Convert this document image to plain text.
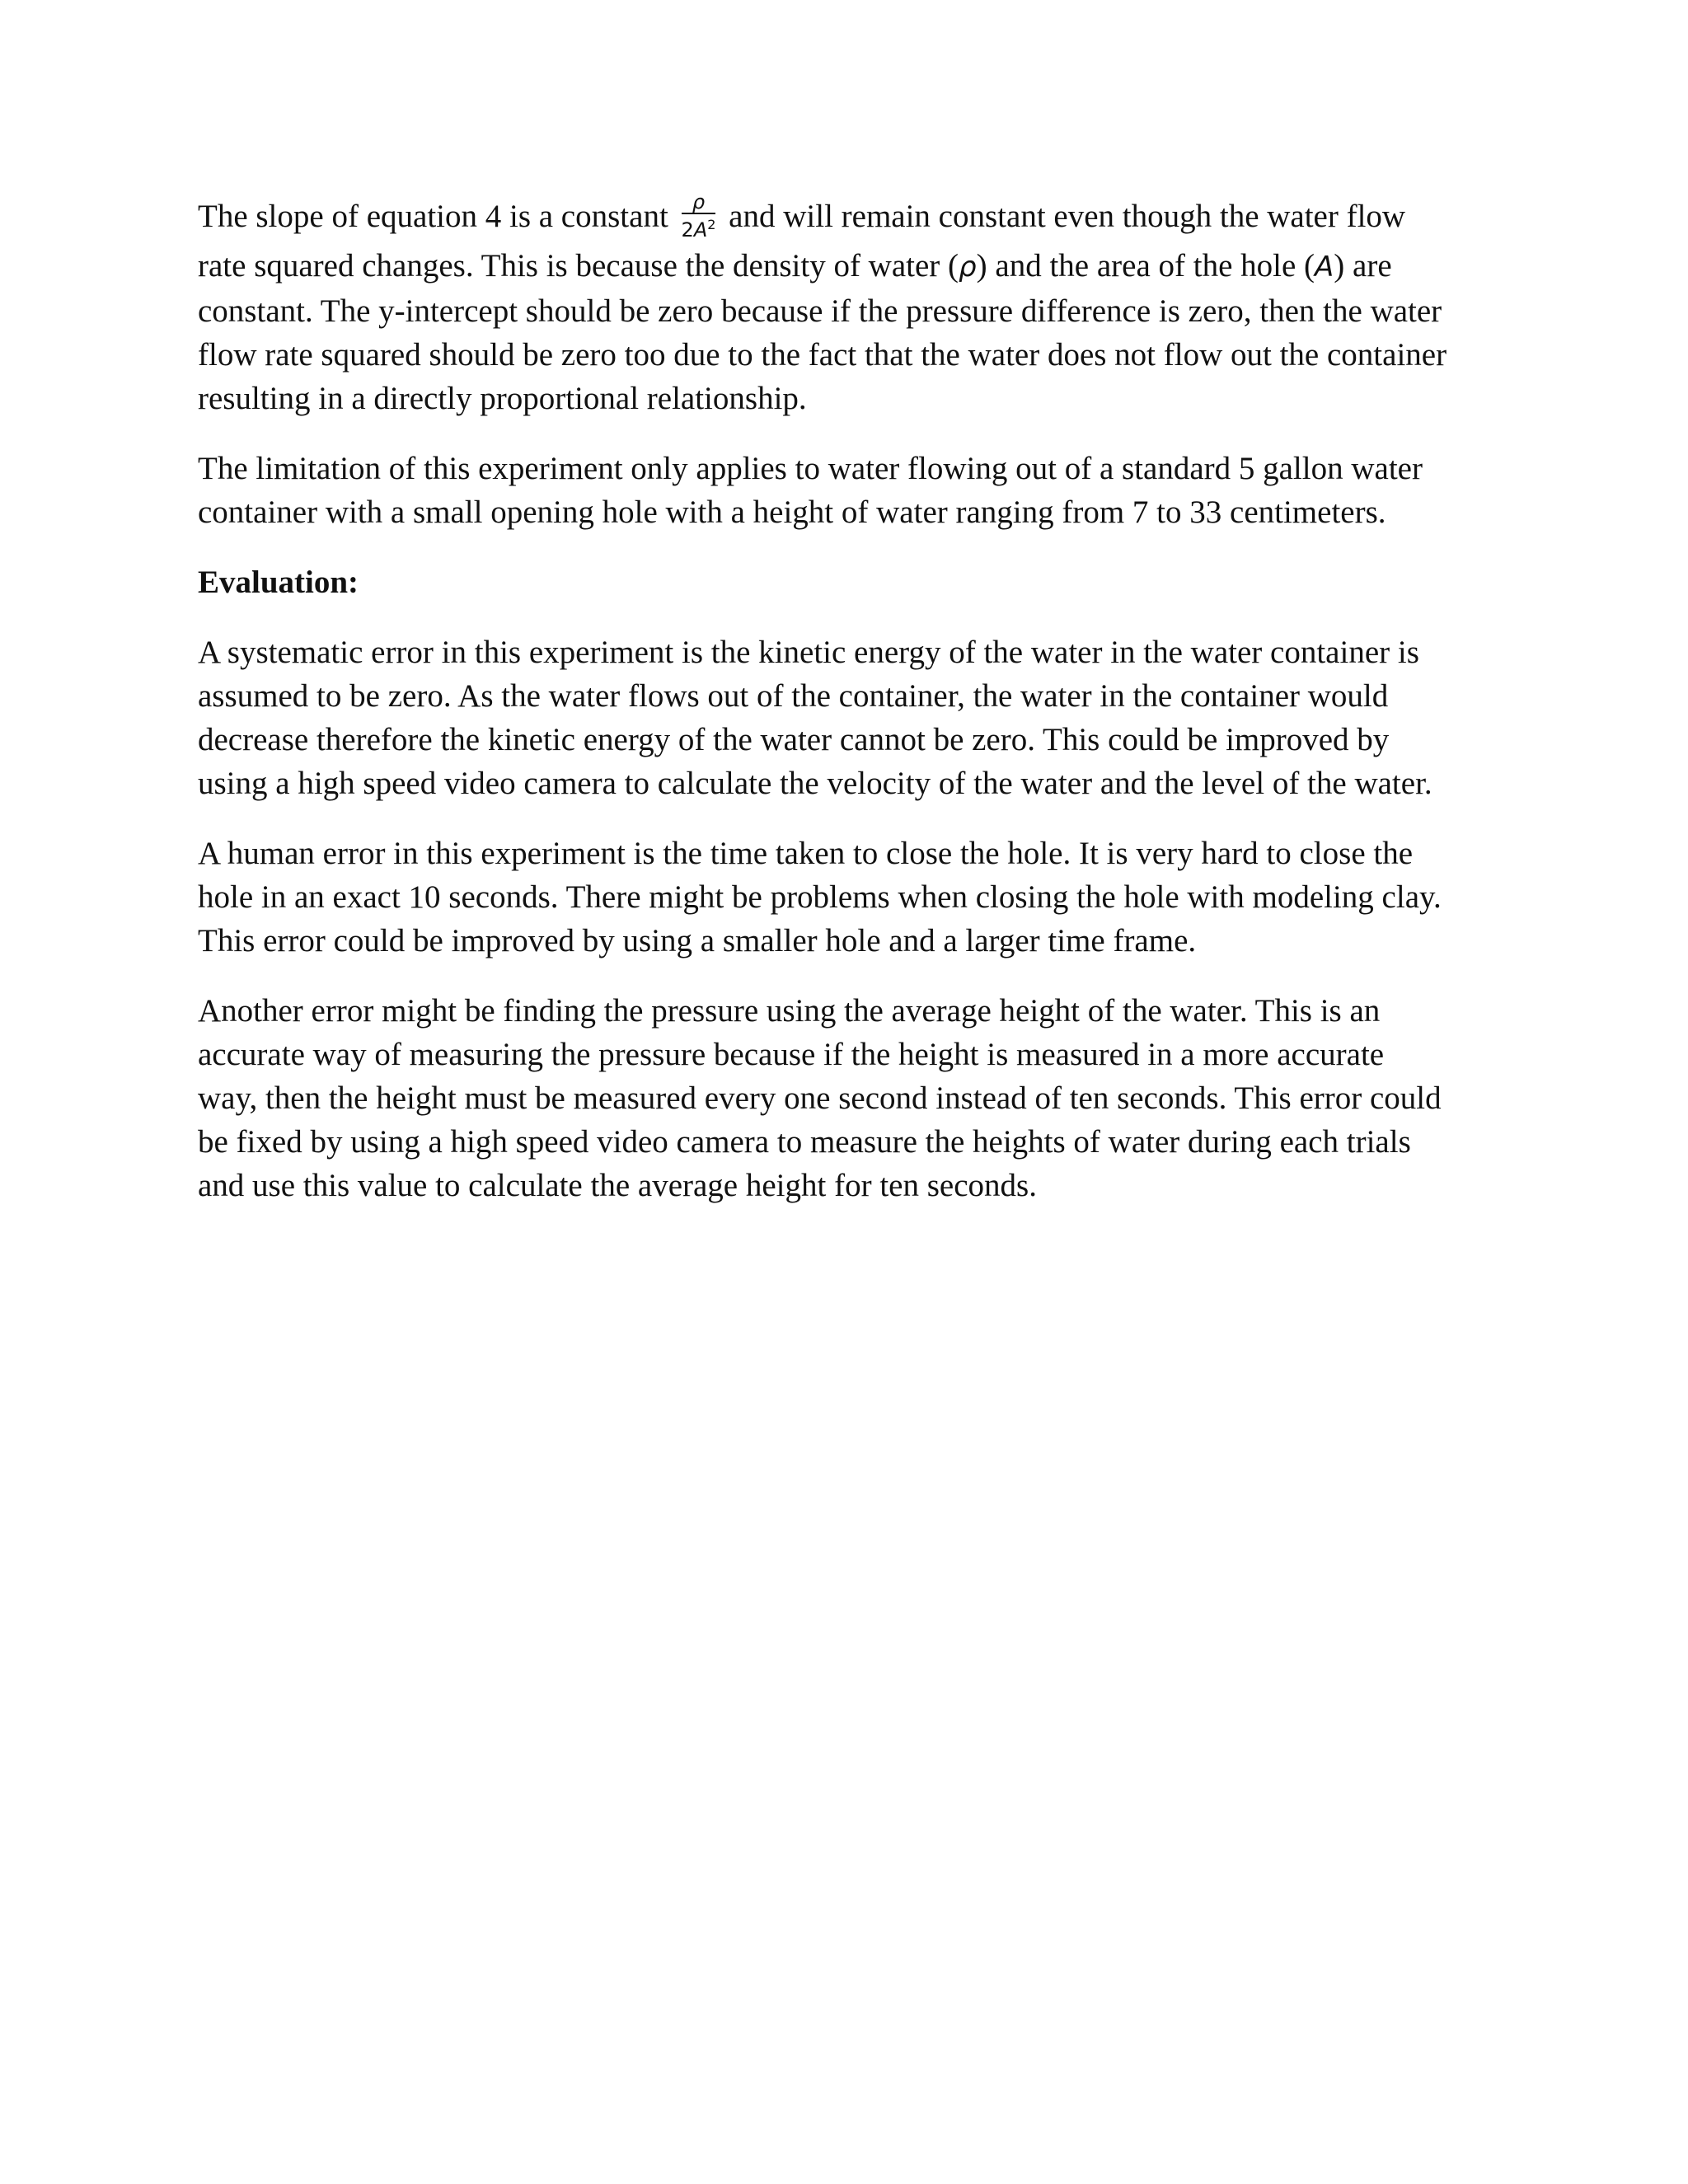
The slope of equation 4 is a constant $\frac{\rho}{2A^2}$ and will remain constant even though the water flow
rate squared changes. This is because the density of water (ρ) and the area of the hole (A) are
constant. The y-intercept should be zero because if the pressure difference is zero, then the water
flow rate squared should be zero too due to the fact that the water does not flow out the container
resulting in a directly proportional relationship.
The limitation of this experiment only applies to water flowing out of a standard 5 gallon water
container with a small opening hole with a height of water ranging from 7 to 33 centimeters.
Evaluation:
A systematic error in this experiment is the kinetic energy of the water in the water container is
assumed to be zero. As the water flows out of the container, the water in the container would
decrease therefore the kinetic energy of the water cannot be zero. This could be improved by
using a high speed video camera to calculate the velocity of the water and the level of the water.
A human error in this experiment is the time taken to close the hole. It is very hard to close the
hole in an exact 10 seconds. There might be problems when closing the hole with modeling clay.
This error could be improved by using a smaller hole and a larger time frame.
Another error might be finding the pressure using the average height of the water. This is an
accurate way of measuring the pressure because if the height is measured in a more accurate
way, then the height must be measured every one second instead of ten seconds. This error could
be fixed by using a high speed video camera to measure the heights of water during each trials
and use this value to calculate the average height for ten seconds.
